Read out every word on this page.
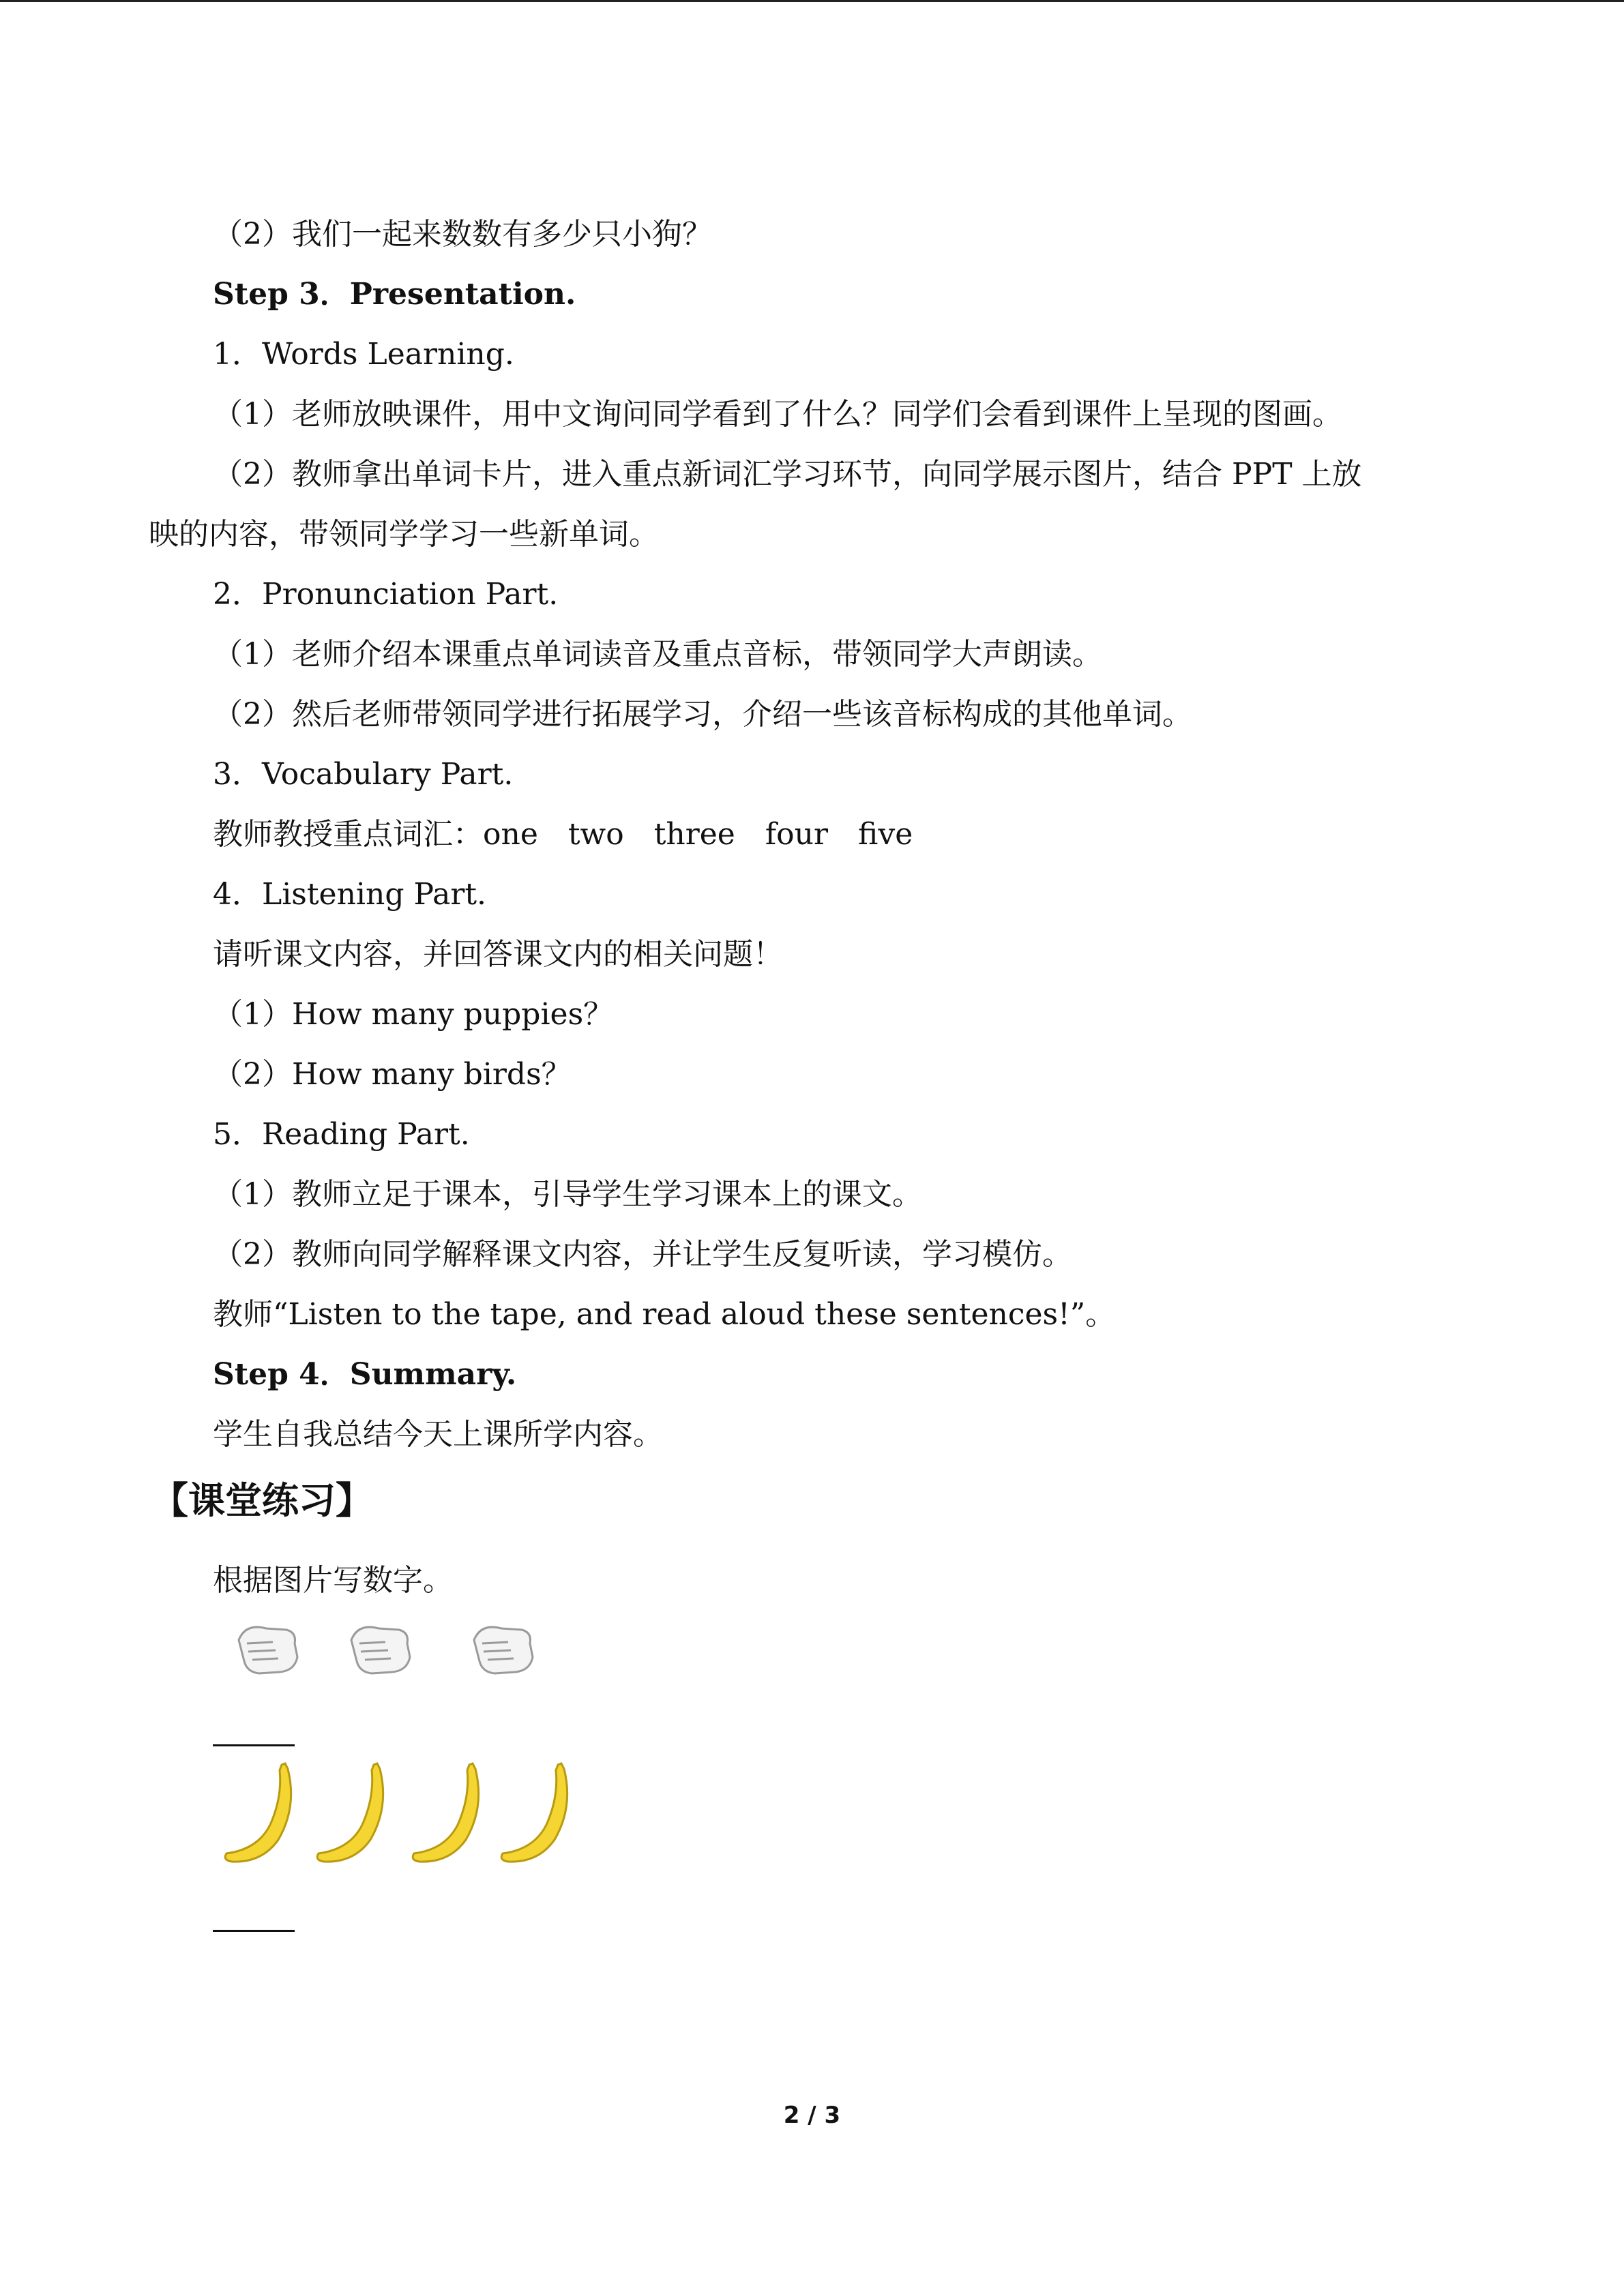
（2）我们一起来数数有多少只小狗？
Step 3．Presentation.
1．Words Learning.
（1）老师放映课件，用中文询问同学看到了什么？同学们会看到课件上呈现的图画。
（2）教师拿出单词卡片，进入重点新词汇学习环节，向同学展示图片，结合 PPT 上放
映的内容，带领同学学习一些新单词。
2．Pronunciation Part.
（1）老师介绍本课重点单词读音及重点音标，带领同学大声朗读。
（2）然后老师带领同学进行拓展学习，介绍一些该音标构成的其他单词。
3．Vocabulary Part.
教师教授重点词汇：one two three four five
4．Listening Part.
请听课文内容，并回答课文内的相关问题！
（1）How many puppies？
（2）How many birds？
5．Reading Part.
（1）教师立足于课本，引导学生学习课本上的课文。
（2）教师向同学解释课文内容，并让学生反复听读，学习模仿。
教师“Listen to the tape, and read aloud these sentences!”。
Step 4．Summary.
学生自我总结今天上课所学内容。
【课堂练习】
根据图片写数字。
2 / 3
